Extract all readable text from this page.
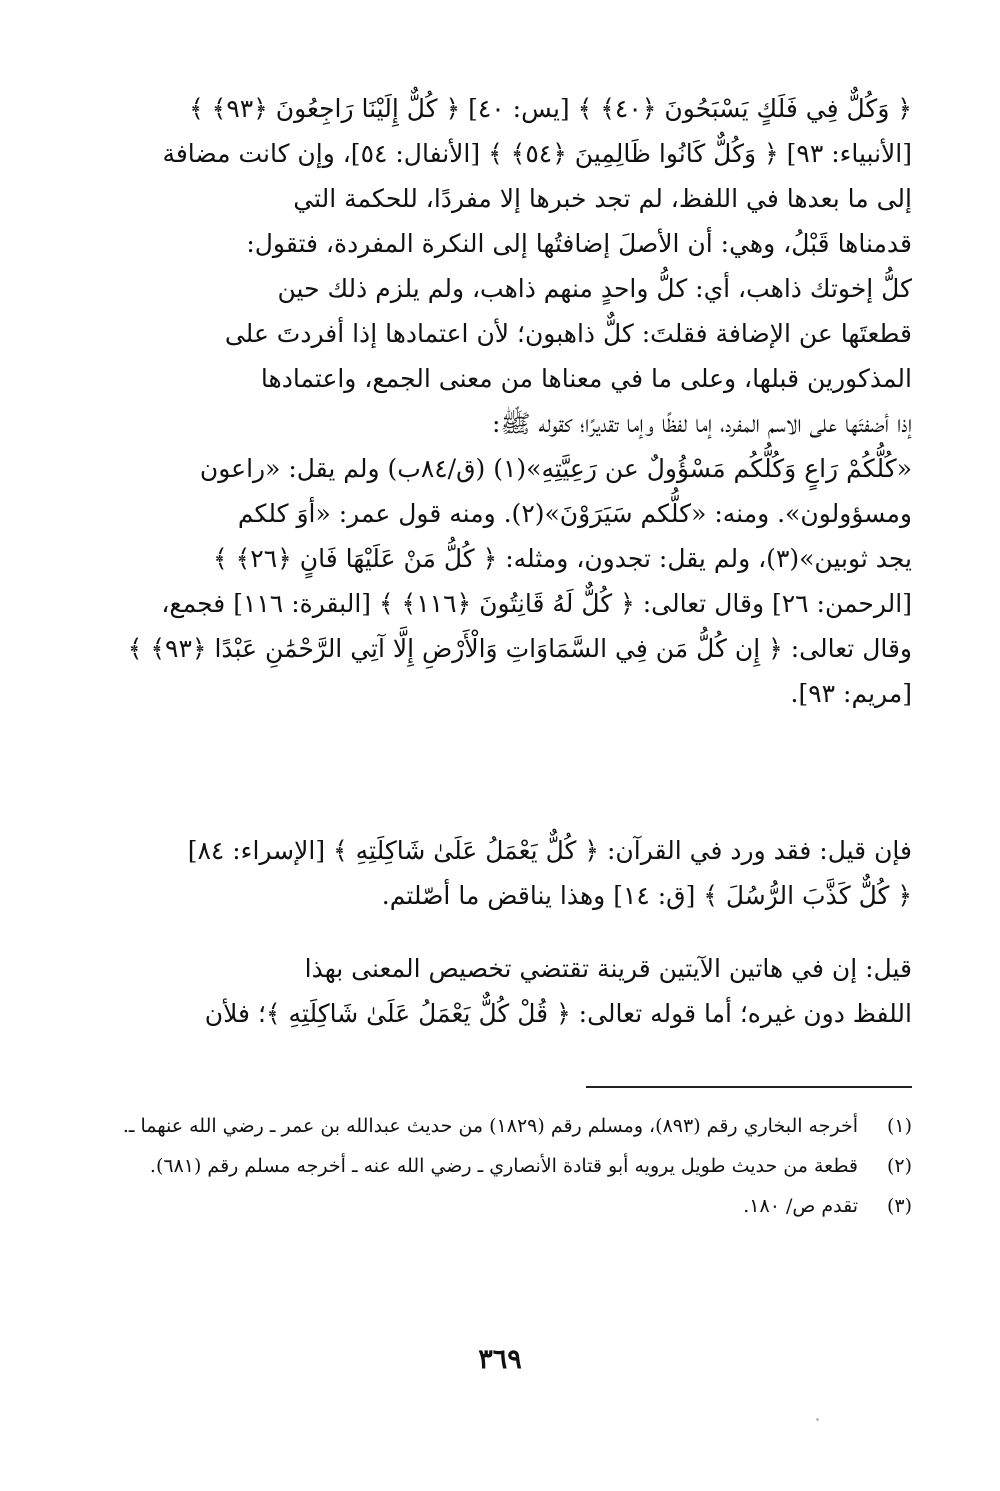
﴿ وَكُلٌّ فِي فَلَكٍ يَسْبَحُونَ ﴿٤٠﴾ ﴾ [يس: ٤٠] ﴿ كُلٌّ إِلَيْنَا رَاجِعُونَ ﴿٩٣﴾ ﴾
[الأنبياء: ٩٣] ﴿ وَكُلٌّ كَانُوا ظَالِمِينَ ﴿٥٤﴾ ﴾ [الأنفال: ٥٤]، وإن كانت مضافة
إلى ما بعدها في اللفظ، لم تجد خبرها إلا مفردًا، للحكمة التي
قدمناها قَبْلُ، وهي: أن الأصلَ إضافتُها إلى النكرة المفردة، فتقول:
كلُّ إخوتك ذاهب، أي: كلُّ واحدٍ منهم ذاهب، ولم يلزم ذلك حين
قطعتَها عن الإضافة فقلتَ: كلٌّ ذاهبون؛ لأن اعتمادها إذا أفردتَ على
المذكورين قبلها، وعلى ما في معناها من معنى الجمع، واعتمادها
إذا أضفتَها على الاسم المفرد، إما لفظًا وإما تقديرًا؛ كقوله ﷺ:
«كُلُّكُمْ رَاعٍ وَكُلُّكُم مَسْؤُولٌ عن رَعِيَّتِهِ»(١) (ق/٨٤ب) ولم يقل: «راعون
ومسؤولون». ومنه: «كلُّكم سَيَرَوْنَ»(٢). ومنه قول عمر: «أوَ كلكم
يجد ثوبين»(٣)، ولم يقل: تجدون، ومثله: ﴿ كُلُّ مَنْ عَلَيْهَا فَانٍ ﴿٢٦﴾ ﴾
[الرحمن: ٢٦] وقال تعالى: ﴿ كُلٌّ لَهُ قَانِتُونَ ﴿١١٦﴾ ﴾ [البقرة: ١١٦] فجمع،
وقال تعالى: ﴿ إِن كُلُّ مَن فِي السَّمَاوَاتِ وَالْأَرْضِ إِلَّا آتِي الرَّحْمَٰنِ عَبْدًا ﴿٩٣﴾ ﴾
[مريم: ٩٣].
فإن قيل: فقد ورد في القرآن: ﴿ كُلٌّ يَعْمَلُ عَلَىٰ شَاكِلَتِهِ ﴾ [الإسراء: ٨٤]
﴿ كُلٌّ كَذَّبَ الرُّسُلَ ﴾ [ق: ١٤] وهذا يناقض ما أصّلتم.
قيل: إن في هاتين الآيتين قرينة تقتضي تخصيص المعنى بهذا
اللفظ دون غيره؛ أما قوله تعالى: ﴿ قُلْ كُلٌّ يَعْمَلُ عَلَىٰ شَاكِلَتِهِ ﴾؛ فلأن
(١)
أخرجه البخاري رقم (٨٩٣)، ومسلم رقم (١٨٢٩) من حديث عبدالله بن عمر ـ رضي الله عنهما ـ.
(٢)
قطعة من حديث طويل يرويه أبو قتادة الأنصاري ـ رضي الله عنه ـ أخرجه مسلم رقم (٦٨١).
(٣)
تقدم ص/ ١٨٠.
٣٦٩
